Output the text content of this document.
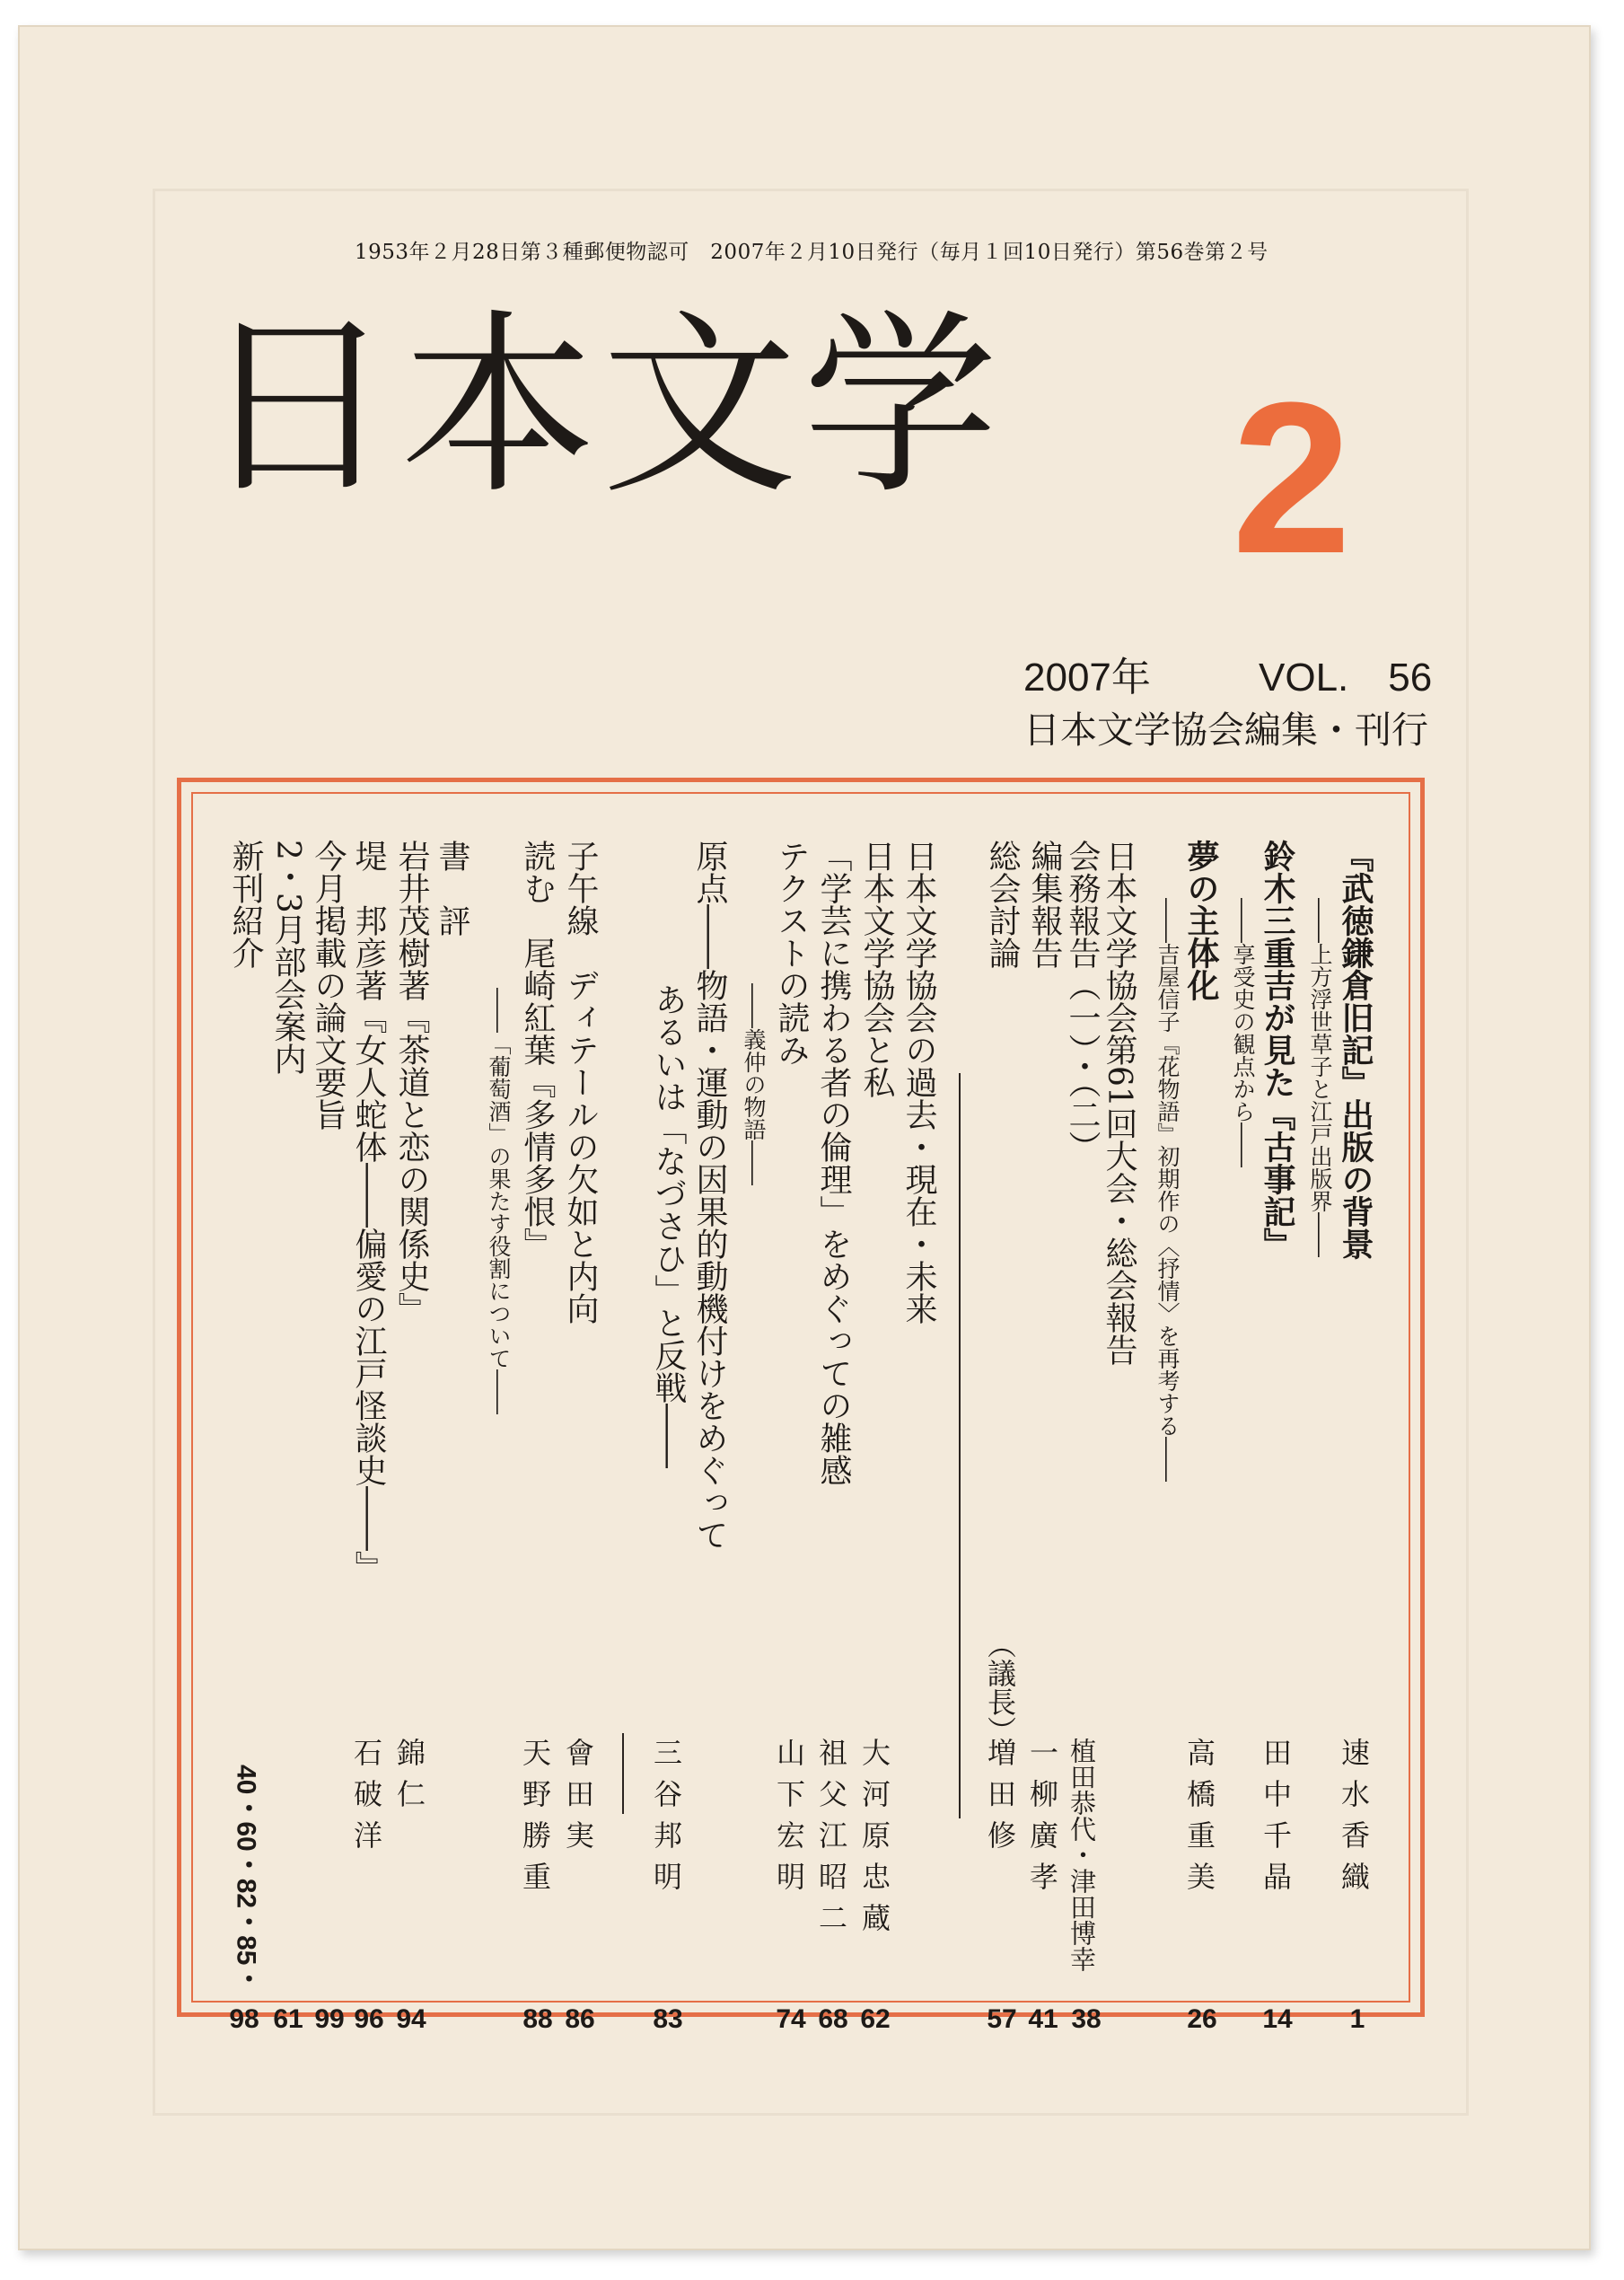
1953年２月28日第３種郵便物認可　2007年２月10日発行（毎月１回10日発行）第56巻第２号
日本文学 2
2007年	VOL.　56
日本文学協会編集・刊行
『武徳鎌倉旧記』出版の背景
――上方浮世草子と江戸出版界――
速水香織
1
鈴木三重吉が見た『古事記』
――享受史の観点から――
田中千晶
14
夢の主体化
――吉屋信子『花物語』初期作の〈抒情〉を再考する――
高橋重美
26
日本文学協会第61回大会・総会報告
会務報告（一）・（二）
植田恭代・津田博幸
38
編集報告
一柳廣孝
41
総会討論
（議長）
増田修
57
日本文学協会の過去・現在・未来
日本文学協会と私
大河原忠蔵
62
「学芸に携わる者の倫理」をめぐっての雑感
祖父江昭二
68
テクストの読み
――義仲の物語――
山下宏明
74
原点――物語・運動の因果的動機付けをめぐって
あるいは「なづさひ」と反戦――
三谷邦明
83
子午線　ディテールの欠如と内向
會田実
86
読む　尾崎紅葉『多情多恨』
天野勝重
88
――「葡萄酒」の果たす役割について――
書　評
岩井茂樹著『茶道と恋の関係史』
錦仁
94
堤　邦彦著『女人蛇体――偏愛の江戸怪談史――』
石破洋
96
今月掲載の論文要旨
99
2・3月部会案内
61
新刊紹介
40・60・82・85・
98
